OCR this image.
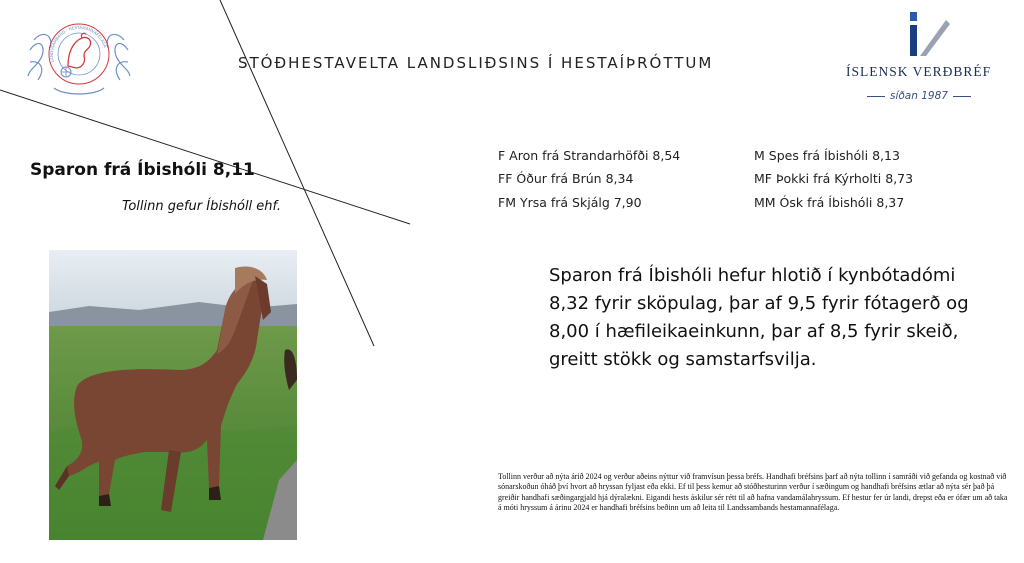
LANDSSAMBAND · HESTAMANNAFÉLAGA
STÓÐHESTAVELTA LANDSLIÐSINS Í HESTAÍÞRÓTTUM	ÍSLENSK VERÐBRÉF
síðan 1987
Sparon frá Íbishóli 8,11
Tollinn gefur Íbishóll ehf.
F Aron frá Strandarhöfði 8,54
FF Óður frá Brún 8,34
FM Yrsa frá Skjálg 7,90
M Spes frá Íbishóli 8,13
MF Þokki frá Kýrholti 8,73
MM Ósk frá Íbishóli 8,37
Sparon frá Íbishóli hefur hlotið í kynbótadómi 8,32 fyrir sköpulag, þar af 9,5 fyrir fótagerð og 8,00 í hæfileikaeinkunn, þar af 8,5 fyrir skeið, greitt stökk og samstarfsvilja.
Tollinn verður að nýta árið 2024 og verður aðeins nýttur við framvísun þessa bréfs. Handhafi bréfsins þarf að nýta tollinn í samráði við gefanda og kostnað við sónarskoðun óháð því hvort að hryssan fyljast eða ekki. Ef til þess kemur að stóðhesturinn verður í sæðingum og handhafi bréfsins ætlar að nýta sér það þá greiðir handhafi sæðingargjald hjá dýralækni. Eigandi hests áskilur sér rétt til að hafna vandamálahryssum. Ef hestur fer úr landi, drepst eða er ófær um að taka á móti hryssum á árinu 2024 er handhafi bréfsins beðinn um að leita til Landssambands hestamannafélaga.
